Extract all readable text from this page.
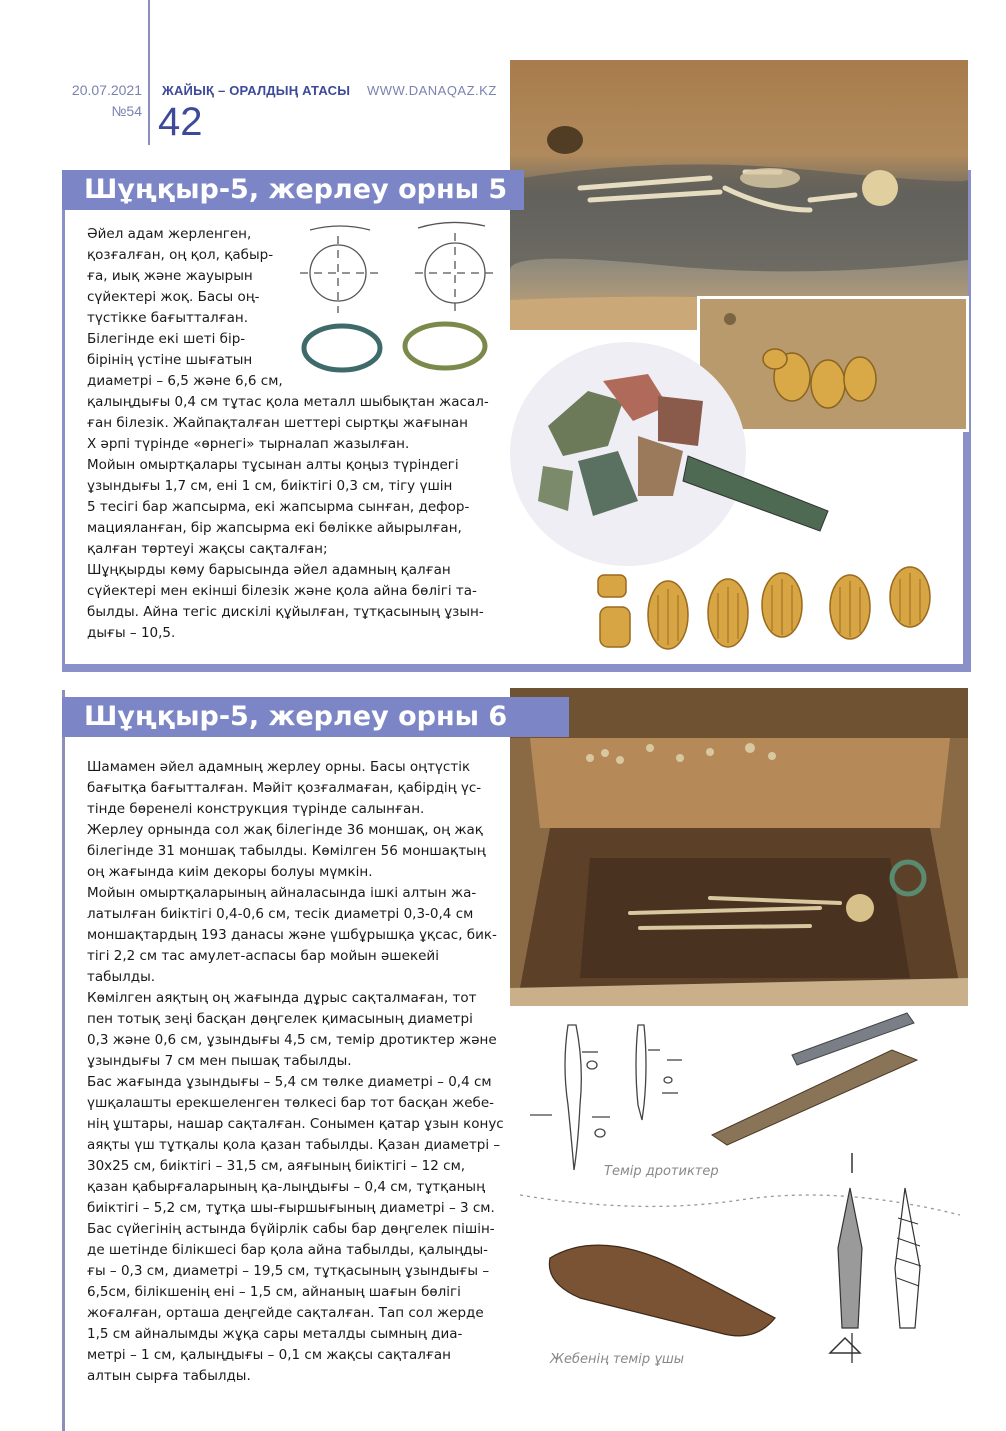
20.07.2021
№54
ЖАЙЫҚ – ОРАЛДЫҢ АТАСЫ WWW.DANAQAZ.KZ
42
Шұңқыр-5, жерлеу орны 5

Әйел адам жерленген,

қозғалған, оң қол, қабыр-

ға, иық және жауырын

сүйектері жоқ. Басы оң-

түстікке бағытталған.

Білегінде екі шеті бір-

бірінің үстіне шығатын

диаметрі – 6,5 және 6,6 см,

қалыңдығы 0,4 см тұтас қола металл шыбықтан жасал-

ған білезік. Жайпақталған шеттері сыртқы жағынан

Х әрпі түрінде «өрнегі» тырналап жазылған.

Мойын омыртқалары тұсынан алты қоңыз түріндегі

ұзындығы 1,7 см, ені 1 см, биіктігі 0,3 см, тігу үшін

5 тесігі бар жапсырма, екі жапсырма сынған, дефор-

мацияланған, бір жапсырма екі бөлікке айырылған,

қалған төртеуі жақсы сақталған;

Шұңқырды көму барысында әйел адамның қалған

сүйектері мен екінші білезік және қола айна бөлігі та-

былды. Айна тегіс дискілі құйылған, тұтқасының ұзын-

дығы – 10,5.

Темір дротиктер
Жебенің темір ұшы
Шұңқыр-5, жерлеу орны 6

Шамамен әйел адамның жерлеу орны. Басы оңтүстік

бағытқа бағытталған. Мәйіт қозғалмаған, қабірдің үс-

тінде бөренелі конструкция түрінде салынған.

Жерлеу орнында сол жақ білегінде 36 моншақ, оң жақ

білегінде 31 моншақ табылды. Көмілген 56 моншақтың

оң жағында киім декоры болуы мүмкін.

Мойын омыртқаларының айналасында ішкі алтын жа-

латылған биіктігі 0,4-0,6 см, тесік диаметрі 0,3-0,4 см

моншақтардың 193 данасы және үшбұрышқа ұқсас, бик-

тігі 2,2 см тас амулет-аспасы бар мойын әшекейі табылды.

Көмілген аяқтың оң жағында дұрыс сақталмаған, тот

пен тотық зеңі басқан дөңгелек қимасының диаметрі

0,3 және 0,6 см, ұзындығы 4,5 см, темір дротиктер және

ұзындығы 7 см мен пышақ табылды.

Бас жағында ұзындығы – 5,4 см төлке диаметрі – 0,4 см

үшқалашты ерекшеленген төлкесі бар тот басқан жебе-

нің ұштары, нашар сақталған. Сонымен қатар ұзын конус

аяқты үш тұтқалы қола қазан табылды. Қазан диаметрі –

30х25 см, биіктігі – 31,5 см, аяғының биіктігі – 12 см,

қазан қабырғаларының қа-лыңдығы – 0,4 см, тұтқаның

биіктігі – 5,2 см, тұтқа шы-ғыршығының диаметрі – 3 см.

Бас сүйегінің астында бүйірлік сабы бар дөңгелек пішін-

де шетінде білікшесі бар қола айна табылды, қалыңды-

ғы – 0,3 см, диаметрі – 19,5 см, тұтқасының ұзындығы –

6,5см, білікшенің ені – 1,5 см, айнаның шағын бөлігі

жоғалған, орташа деңгейде сақталған. Тап сол жерде

1,5 см айналымды жұқа сары металды сымның диа-

метрі – 1 см, қалыңдығы – 0,1 см жақсы сақталған

алтын сырға табылды.
